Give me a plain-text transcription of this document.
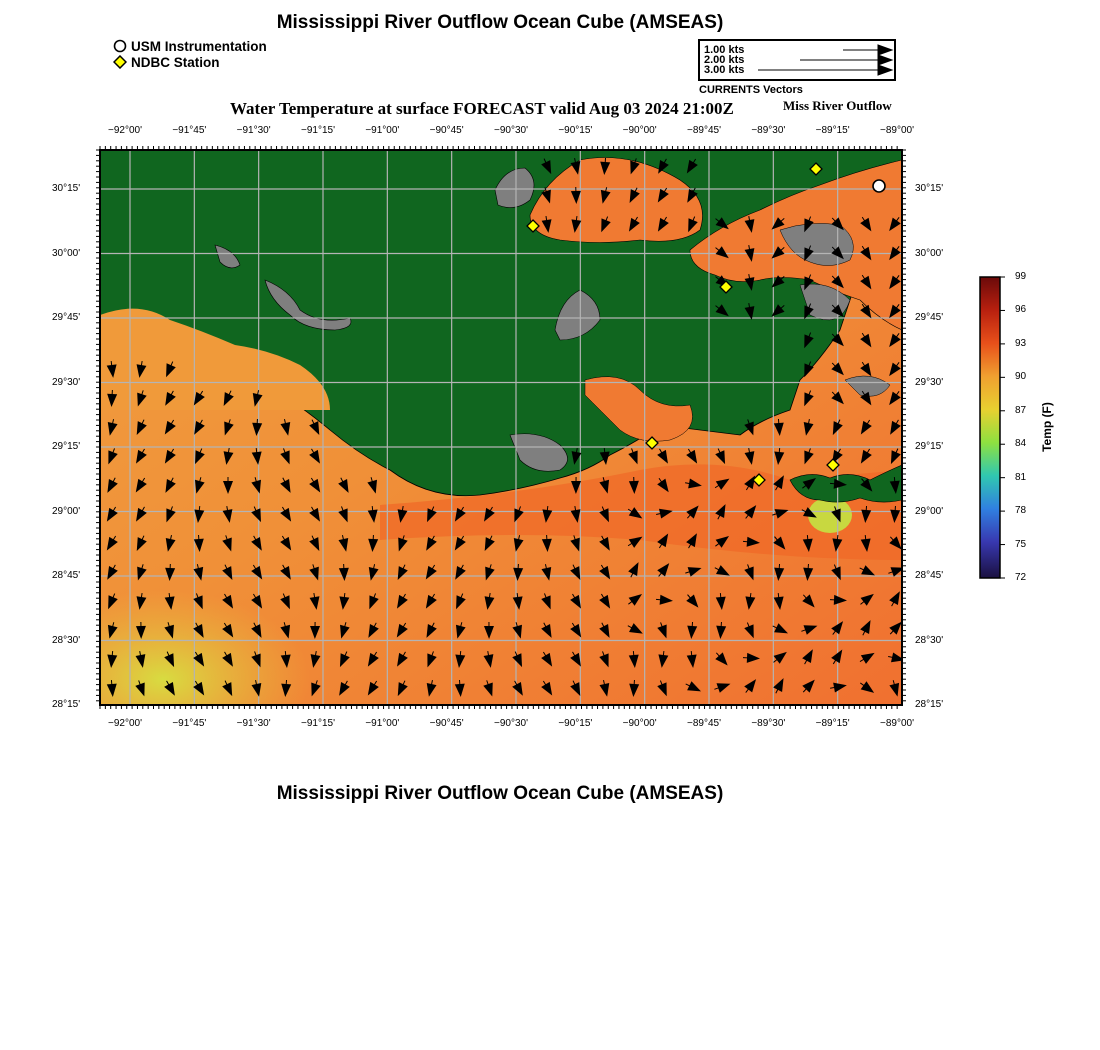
Mississippi River Outflow Ocean Cube (AMSEAS)
USM Instrumentation
NDBC Station
1.00 kts
2.00 kts
3.00 kts
CURRENTS Vectors
Water Temperature at surface FORECAST valid Aug 03 2024 21:00Z	Miss River Outflow
−92°00'
−92°00'
−91°45'
−91°45'
−91°30'
−91°30'
−91°15'
−91°15'
−91°00'
−91°00'
−90°45'
−90°45'
−90°30'
−90°30'
−90°15'
−90°15'
−90°00'
−90°00'
−89°45'
−89°45'
−89°30'
−89°30'
−89°15'
−89°15'
−89°00'
−89°00'
30°15'	30°15'
30°00'	30°00'
29°45'	29°45'
29°30'	29°30'
29°15'	29°15'
29°00'	29°00'
28°45'	28°45'
28°30'	28°30'
28°15'	28°15'
99
96
93
90
87
84
81
78
75
72
Temp (F)
Mississippi River Outflow Ocean Cube (AMSEAS)
